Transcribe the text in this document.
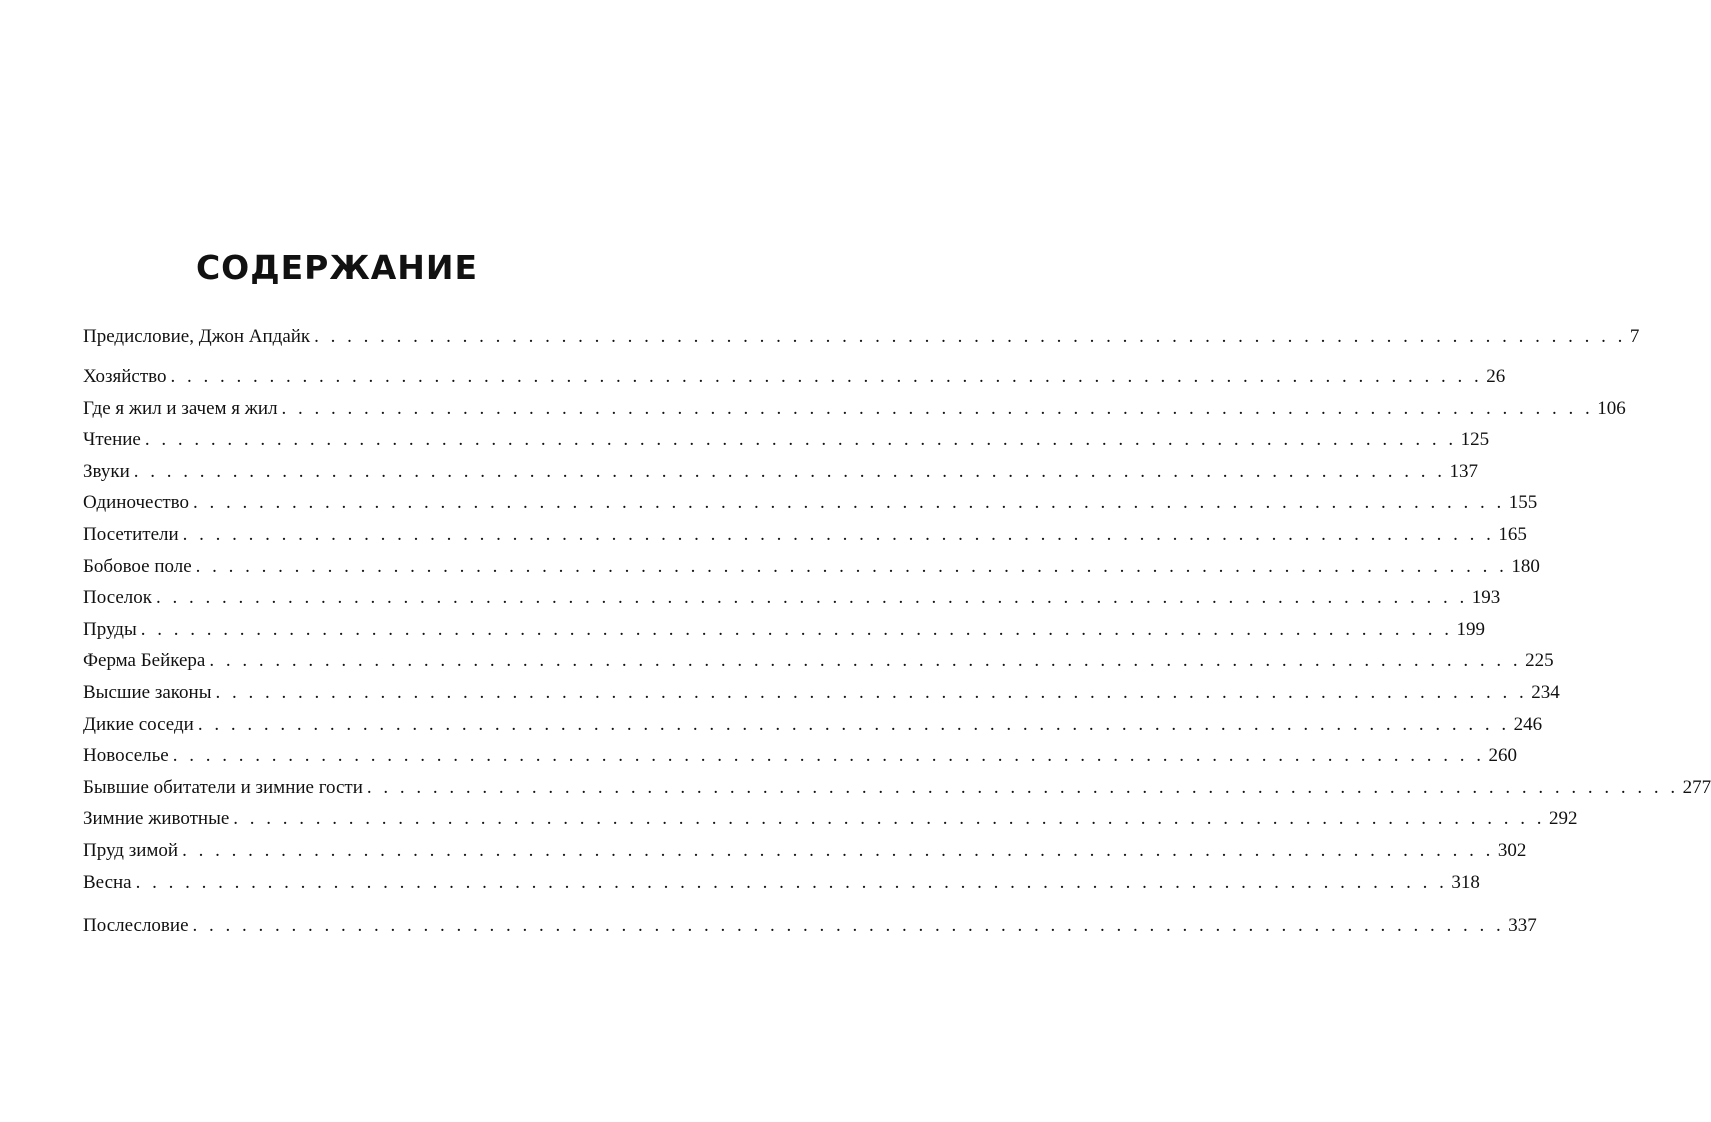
СОДЕРЖАНИЕ
Предисловие, Джон Апдайк . . . . . . . . . . . . . . . . . . . . . . . . . . . . . . . . . . . . . . . . . . . . . . . . . . . . . . . . . . . . . . . . . . . . . . . . . . . . . . . . 7
Хозяйство . . . . . . . . . . . . . . . . . . . . . . . . . . . . . . . . . . . . . . . . . . . . . . . . . . . . . . . . . . . . . . . . . . . . . . . . . . . . . . . . 26
Где я жил и зачем я жил . . . . . . . . . . . . . . . . . . . . . . . . . . . . . . . . . . . . . . . . . . . . . . . . . . . . . . . . . . . . . . . . . . . . . . . . . . . . . . . . 106
Чтение . . . . . . . . . . . . . . . . . . . . . . . . . . . . . . . . . . . . . . . . . . . . . . . . . . . . . . . . . . . . . . . . . . . . . . . . . . . . . . . . 125
Звуки . . . . . . . . . . . . . . . . . . . . . . . . . . . . . . . . . . . . . . . . . . . . . . . . . . . . . . . . . . . . . . . . . . . . . . . . . . . . . . . . 137
Одиночество . . . . . . . . . . . . . . . . . . . . . . . . . . . . . . . . . . . . . . . . . . . . . . . . . . . . . . . . . . . . . . . . . . . . . . . . . . . . . . . . 155
Посетители . . . . . . . . . . . . . . . . . . . . . . . . . . . . . . . . . . . . . . . . . . . . . . . . . . . . . . . . . . . . . . . . . . . . . . . . . . . . . . . . 165
Бобовое поле . . . . . . . . . . . . . . . . . . . . . . . . . . . . . . . . . . . . . . . . . . . . . . . . . . . . . . . . . . . . . . . . . . . . . . . . . . . . . . . . 180
Поселок . . . . . . . . . . . . . . . . . . . . . . . . . . . . . . . . . . . . . . . . . . . . . . . . . . . . . . . . . . . . . . . . . . . . . . . . . . . . . . . . 193
Пруды . . . . . . . . . . . . . . . . . . . . . . . . . . . . . . . . . . . . . . . . . . . . . . . . . . . . . . . . . . . . . . . . . . . . . . . . . . . . . . . . 199
Ферма Бейкера . . . . . . . . . . . . . . . . . . . . . . . . . . . . . . . . . . . . . . . . . . . . . . . . . . . . . . . . . . . . . . . . . . . . . . . . . . . . . . . . 225
Высшие законы . . . . . . . . . . . . . . . . . . . . . . . . . . . . . . . . . . . . . . . . . . . . . . . . . . . . . . . . . . . . . . . . . . . . . . . . . . . . . . . . 234
Дикие соседи . . . . . . . . . . . . . . . . . . . . . . . . . . . . . . . . . . . . . . . . . . . . . . . . . . . . . . . . . . . . . . . . . . . . . . . . . . . . . . . . 246
Новоселье . . . . . . . . . . . . . . . . . . . . . . . . . . . . . . . . . . . . . . . . . . . . . . . . . . . . . . . . . . . . . . . . . . . . . . . . . . . . . . . . 260
Бывшие обитатели и зимние гости . . . . . . . . . . . . . . . . . . . . . . . . . . . . . . . . . . . . . . . . . . . . . . . . . . . . . . . . . . . . . . . . . . . . . . . . . . . . . . . . 277
Зимние животные . . . . . . . . . . . . . . . . . . . . . . . . . . . . . . . . . . . . . . . . . . . . . . . . . . . . . . . . . . . . . . . . . . . . . . . . . . . . . . . . 292
Пруд зимой . . . . . . . . . . . . . . . . . . . . . . . . . . . . . . . . . . . . . . . . . . . . . . . . . . . . . . . . . . . . . . . . . . . . . . . . . . . . . . . . 302
Весна . . . . . . . . . . . . . . . . . . . . . . . . . . . . . . . . . . . . . . . . . . . . . . . . . . . . . . . . . . . . . . . . . . . . . . . . . . . . . . . . 318
Послесловие . . . . . . . . . . . . . . . . . . . . . . . . . . . . . . . . . . . . . . . . . . . . . . . . . . . . . . . . . . . . . . . . . . . . . . . . . . . . . . . . 337
